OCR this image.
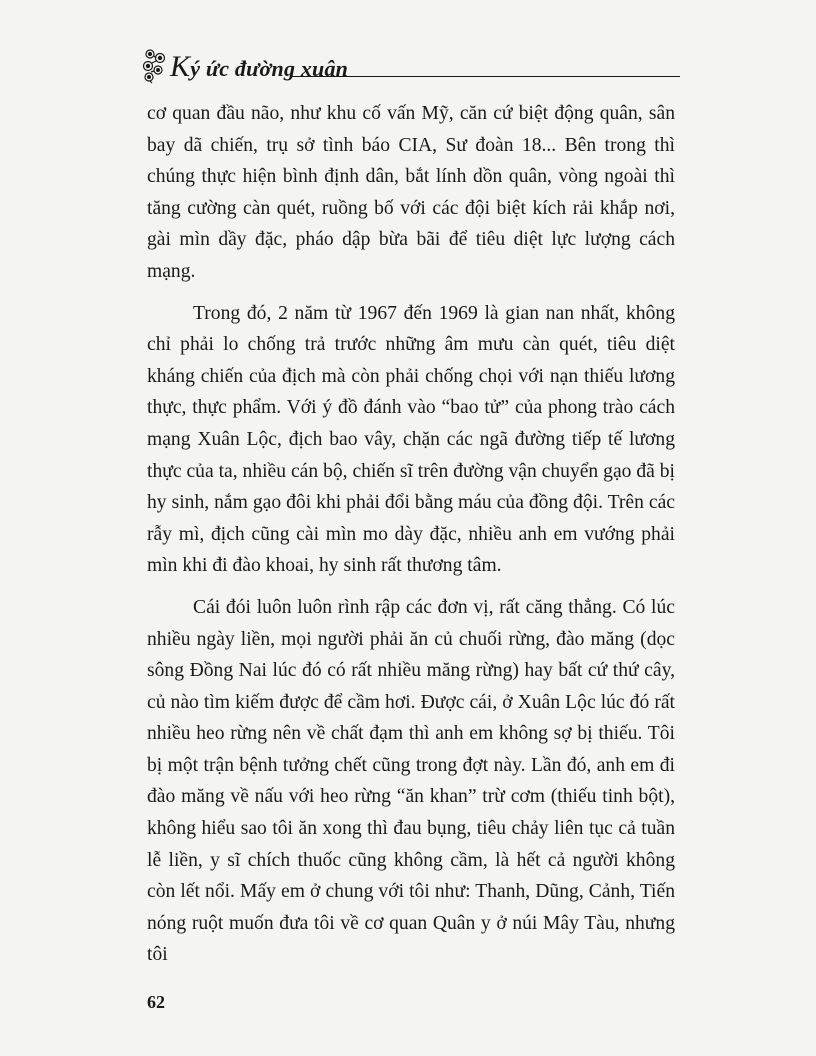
Ký ức đường xuân

cơ quan đầu não, như khu cố vấn Mỹ, căn cứ biệt động quân, sân bay dã chiến, trụ sở tình báo CIA, Sư đoàn 18... Bên trong thì chúng thực hiện bình định dân, bắt lính dồn quân, vòng ngoài thì tăng cường càn quét, ruồng bố với các đội biệt kích rải khắp nơi, gài mìn dầy đặc, pháo dập bừa bãi để tiêu diệt lực lượng cách mạng.

Trong đó, 2 năm từ 1967 đến 1969 là gian nan nhất, không chỉ phải lo chống trả trước những âm mưu càn quét, tiêu diệt kháng chiến của địch mà còn phải chống chọi với nạn thiếu lương thực, thực phẩm. Với ý đồ đánh vào “bao tử” của phong trào cách mạng Xuân Lộc, địch bao vây, chặn các ngã đường tiếp tế lương thực của ta, nhiều cán bộ, chiến sĩ trên đường vận chuyển gạo đã bị hy sinh, nắm gạo đôi khi phải đổi bằng máu của đồng đội. Trên các rẫy mì, địch cũng cài mìn mo dày đặc, nhiều anh em vướng phải mìn khi đi đào khoai, hy sinh rất thương tâm.

Cái đói luôn luôn rình rập các đơn vị, rất căng thẳng. Có lúc nhiều ngày liền, mọi người phải ăn củ chuối rừng, đào măng (dọc sông Đồng Nai lúc đó có rất nhiều măng rừng) hay bất cứ thứ cây, củ nào tìm kiếm được để cầm hơi. Được cái, ở Xuân Lộc lúc đó rất nhiều heo rừng nên về chất đạm thì anh em không sợ bị thiếu. Tôi bị một trận bệnh tưởng chết cũng trong đợt này. Lần đó, anh em đi đào măng về nấu với heo rừng “ăn khan” trừ cơm (thiếu tinh bột), không hiểu sao tôi ăn xong thì đau bụng, tiêu chảy liên tục cả tuần lễ liền, y sĩ chích thuốc cũng không cầm, là hết cả người không còn lết nổi. Mấy em ở chung với tôi như: Thanh, Dũng, Cảnh, Tiến nóng ruột muốn đưa tôi về cơ quan Quân y ở núi Mây Tàu, nhưng tôi

62
